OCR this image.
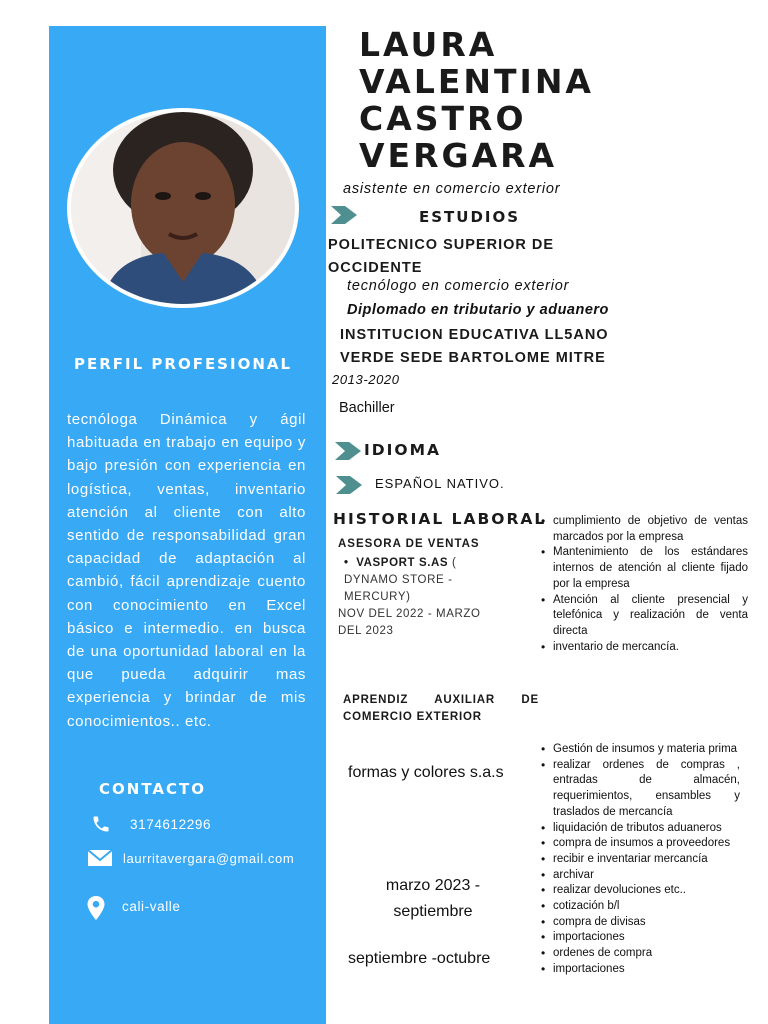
PERFIL PROFESIONAL
tecnóloga Dinámica y ágil habituada en trabajo en equipo y bajo presión con experiencia en logística, ventas, inventario atención al cliente con alto sentido de responsabilidad gran capacidad de adaptación al cambió, fácil aprendizaje cuento con conocimiento en Excel básico e intermedio. en busca de una oportunidad laboral en la que pueda adquirir mas experiencia y brindar de mis conocimientos.. etc.
CONTACTO
3174612296
laurritavergara@gmail.com
cali-valle
LAURA
VALENTINA
CASTRO
VERGARA
asistente en comercio exterior
ESTUDIOS
POLITECNICO SUPERIOR DE OCCIDENTE
tecnólogo en comercio exterior
Diplomado en tributario y aduanero
INSTITUCION EDUCATIVA LL5ANO VERDE SEDE BARTOLOME MITRE
2013-2020
Bachiller
IDIOMA
ESPAÑOL NATIVO.
HISTORIAL LABORAL
ASESORA DE VENTAS
•  VASPORT S.AS ( DYNAMO STORE - MERCURY)
NOV DEL 2022 - MARZO DEL 2023
• cumplimiento de objetivo de ventas marcados por la empresa
• Mantenimiento de los estándares internos de atención al cliente fijado por la empresa
• Atención al cliente presencial y telefónica y realización de venta directa
• inventario de mercancía.
APRENDIZ AUXILIAR DE COMERCIO EXTERIOR
formas y colores s.a.s
marzo 2023 - septiembre
septiembre -octubre
• Gestión de insumos y materia prima
• realizar ordenes de compras , entradas de almacén, requerimientos, ensambles y traslados de mercancía
• liquidación de tributos aduaneros
• compra de insumos a proveedores
• recibir e inventariar mercancía
• archivar
• realizar devoluciones etc..
• cotización b/l
• compra de divisas
• importaciones
• ordenes de compra
• importaciones
